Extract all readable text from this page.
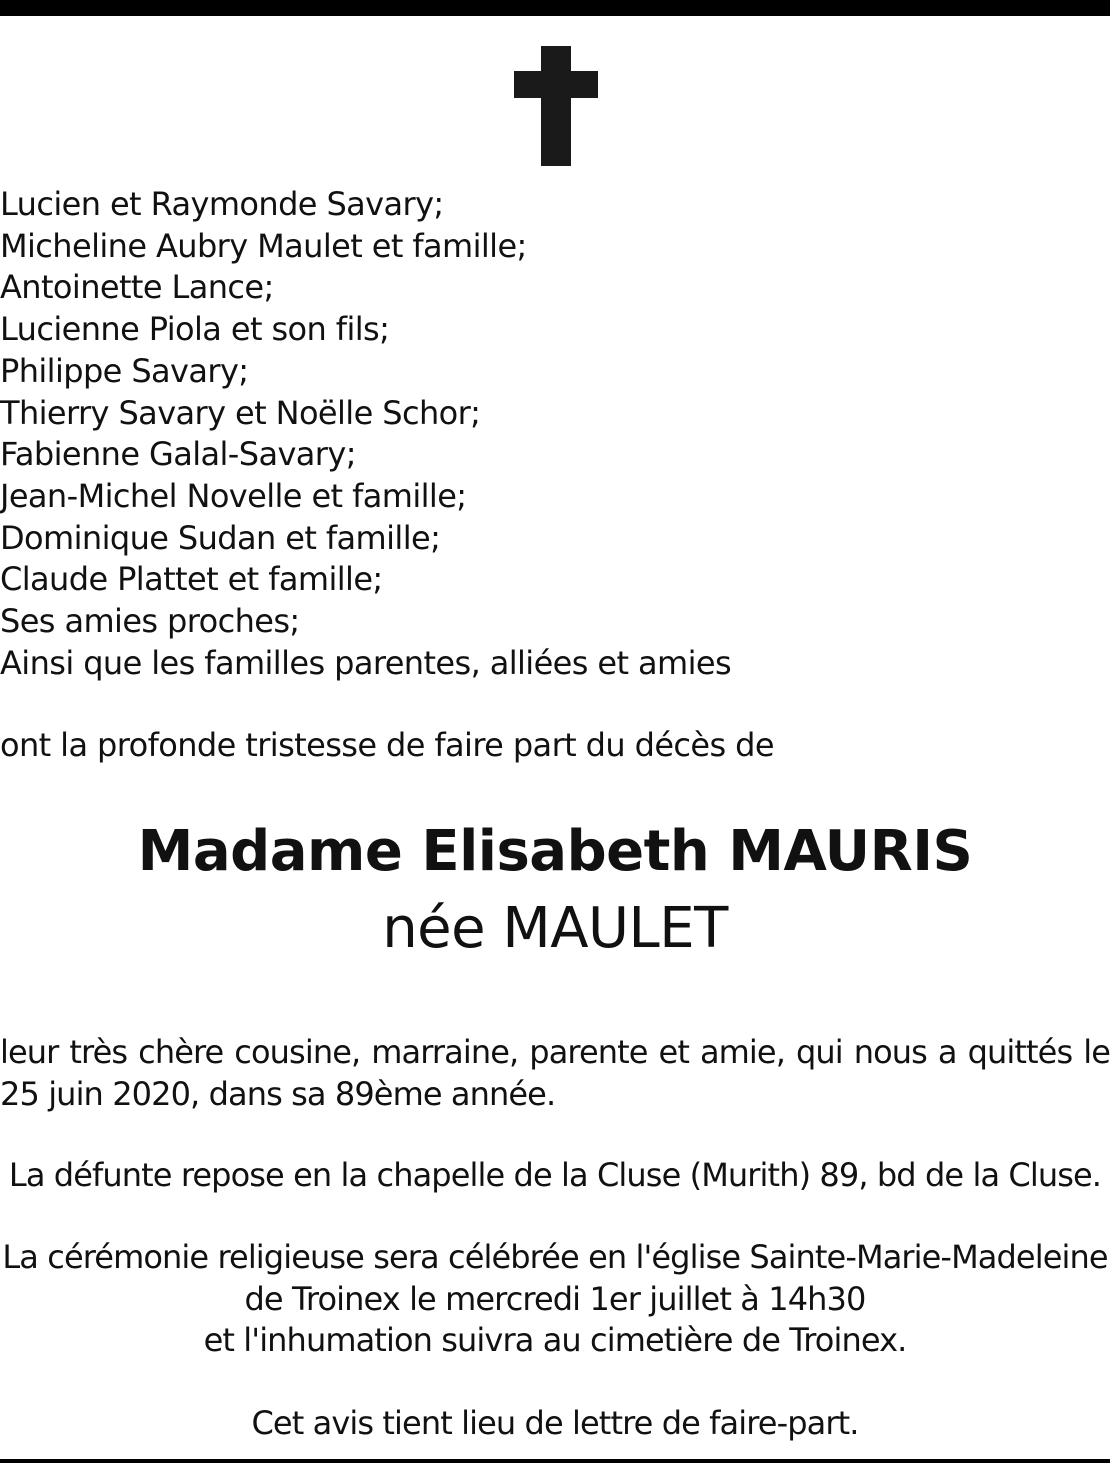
Lucien et Raymonde Savary;
Micheline Aubry Maulet et famille;
Antoinette Lance;
Lucienne Piola et son fils;
Philippe Savary;
Thierry Savary et Noëlle Schor;
Fabienne Galal-Savary;
Jean-Michel Novelle et famille;
Dominique Sudan et famille;
Claude Plattet et famille;
Ses amies proches;
Ainsi que les familles parentes, alliées et amies
ont la profonde tristesse de faire part du décès de
Madame Elisabeth MAURIS
née MAULET
leur très chère cousine, marraine, parente et amie, qui nous a quittés le 25 juin 2020, dans sa 89ème année.
La défunte repose en la chapelle de la Cluse (Murith) 89, bd de la Cluse.
La cérémonie religieuse sera célébrée en l'église Sainte-Marie-Madeleine
de Troinex le mercredi 1er juillet à 14h30
et l'inhumation suivra au cimetière de Troinex.
Cet avis tient lieu de lettre de faire-part.
